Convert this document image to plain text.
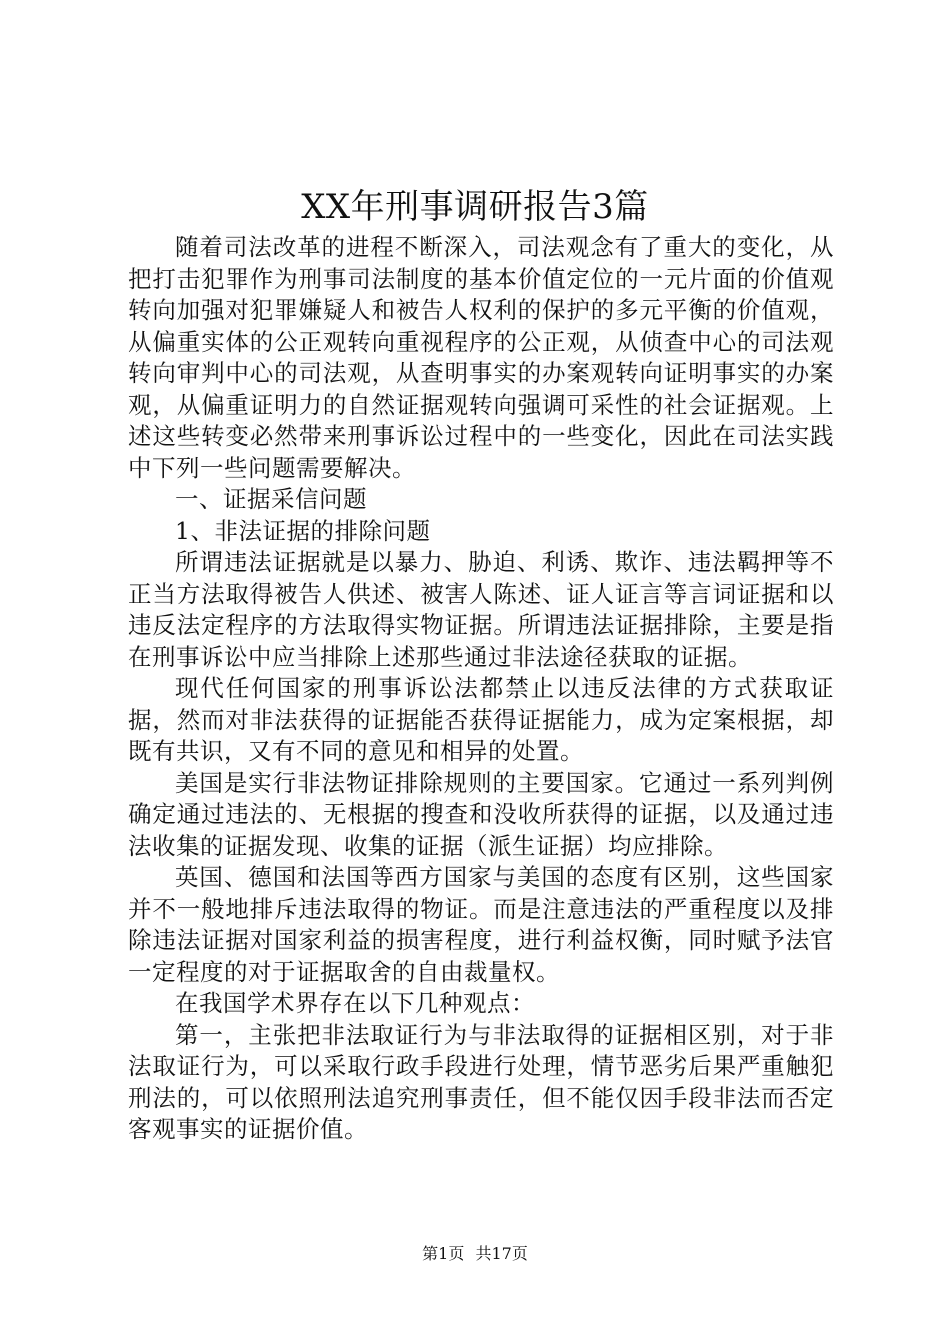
XX年刑事调研报告3篇

随着司法改革的进程不断深入，司法观念有了重大的变化，从把打击犯罪作为刑事司法制度的基本价值定位的一元片面的价值观转向加强对犯罪嫌疑人和被告人权利的保护的多元平衡的价值观，从偏重实体的公正观转向重视程序的公正观，从侦查中心的司法观转向审判中心的司法观，从查明事实的办案观转向证明事实的办案观，从偏重证明力的自然证据观转向强调可采性的社会证据观。上述这些转变必然带来刑事诉讼过程中的一些变化，因此在司法实践中下列一些问题需要解决。

一、证据采信问题

1、非法证据的排除问题

所谓违法证据就是以暴力、胁迫、利诱、欺诈、违法羁押等不正当方法取得被告人供述、被害人陈述、证人证言等言词证据和以违反法定程序的方法取得实物证据。所谓违法证据排除，主要是指在刑事诉讼中应当排除上述那些通过非法途径获取的证据。

现代任何国家的刑事诉讼法都禁止以违反法律的方式获取证据，然而对非法获得的证据能否获得证据能力，成为定案根据，却既有共识，又有不同的意见和相异的处置。

美国是实行非法物证排除规则的主要国家。它通过一系列判例确定通过违法的、无根据的搜查和没收所获得的证据，以及通过违法收集的证据发现、收集的证据（派生证据）均应排除。

英国、德国和法国等西方国家与美国的态度有区别，这些国家并不一般地排斥违法取得的物证。而是注意违法的严重程度以及排除违法证据对国家利益的损害程度，进行利益权衡，同时赋予法官一定程度的对于证据取舍的自由裁量权。

在我国学术界存在以下几种观点：

第一，主张把非法取证行为与非法取得的证据相区别，对于非法取证行为，可以采取行政手段进行处理，情节恶劣后果严重触犯刑法的，可以依照刑法追究刑事责任，但不能仅因手段非法而否定客观事实的证据价值。

第1页 共17页
